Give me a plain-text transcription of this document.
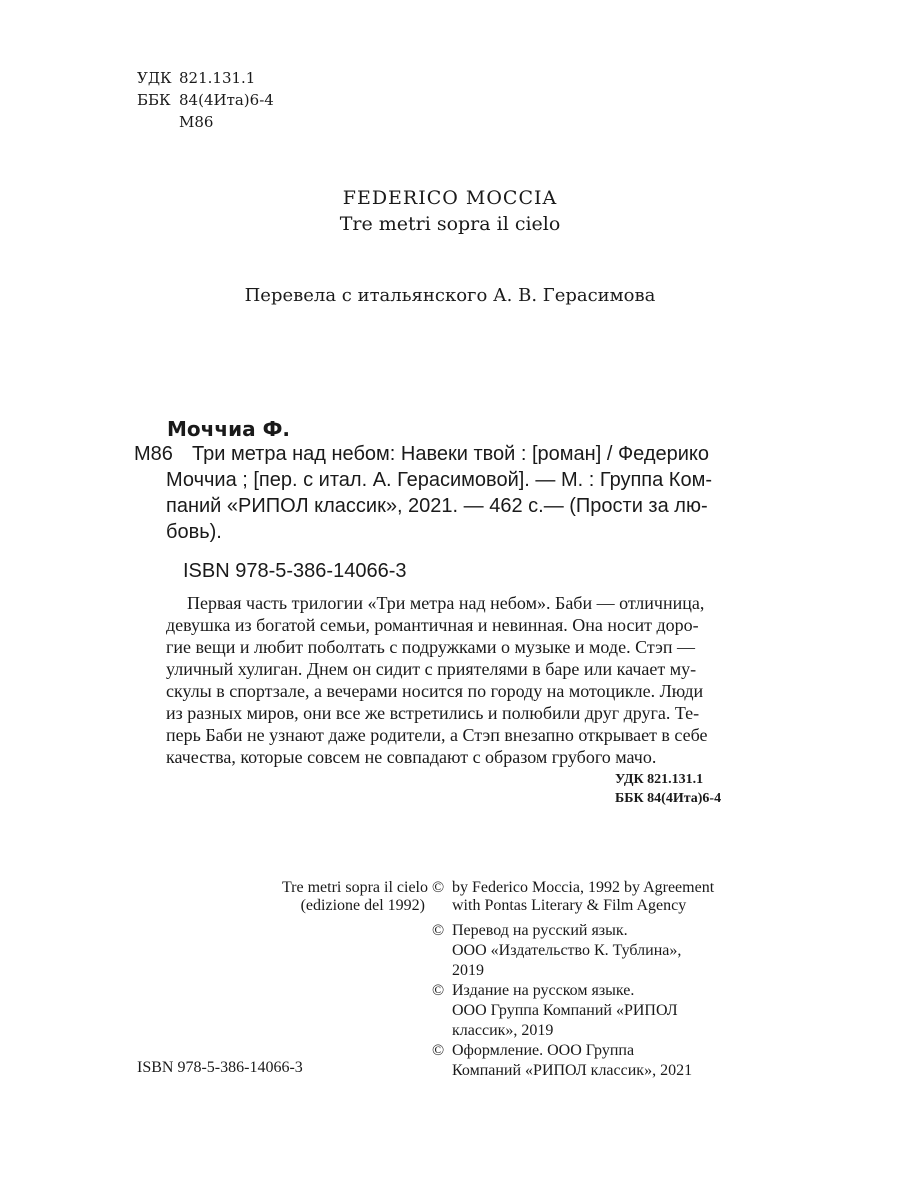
УДК 821.131.1
ББК 84(4Ита)6-4
М86
FEDERICO MOCCIA
Tre metri sopra il cielo
Перевела с итальянского А. В. Герасимова
Моччиа Ф.
М86 Три метра над небом: Навеки твой : [роман] / Федерико
Моччиа ; [пер. с итал. А. Герасимовой]. — М. : Группа Ком-
паний «РИПОЛ классик», 2021. — 462 с.— (Прости за лю-
бовь).
ISBN 978-5-386-14066-3
Первая часть трилогии «Три метра над небом». Баби — отличница,
девушка из богатой семьи, романтичная и невинная. Она носит доро-
гие вещи и любит поболтать с подружками о музыке и моде. Стэп —
уличный хулиган. Днем он сидит с приятелями в баре или качает му-
скулы в спортзале, а вечерами носится по городу на мотоцикле. Люди
из разных миров, они все же встретились и полюбили друг друга. Те-
перь Баби не узнают даже родители, а Стэп внезапно открывает в себе
качества, которые совсем не совпадают с образом грубого мачо.
УДК 821.131.1
ББК 84(4Ита)6-4
Tre metri sopra il cielo
(edizione del 1992)
© by Federico Moccia, 1992 by Agreement
with Pontas Literary & Film Agency
© Перевод на русский язык.
ООО «Издательство К. Тублина»,
2019
© Издание на русском языке.
ООО Группа Компаний «РИПОЛ
классик», 2019
© Оформление. ООО Группа
Компаний «РИПОЛ классик», 2021
ISBN 978-5-386-14066-3
